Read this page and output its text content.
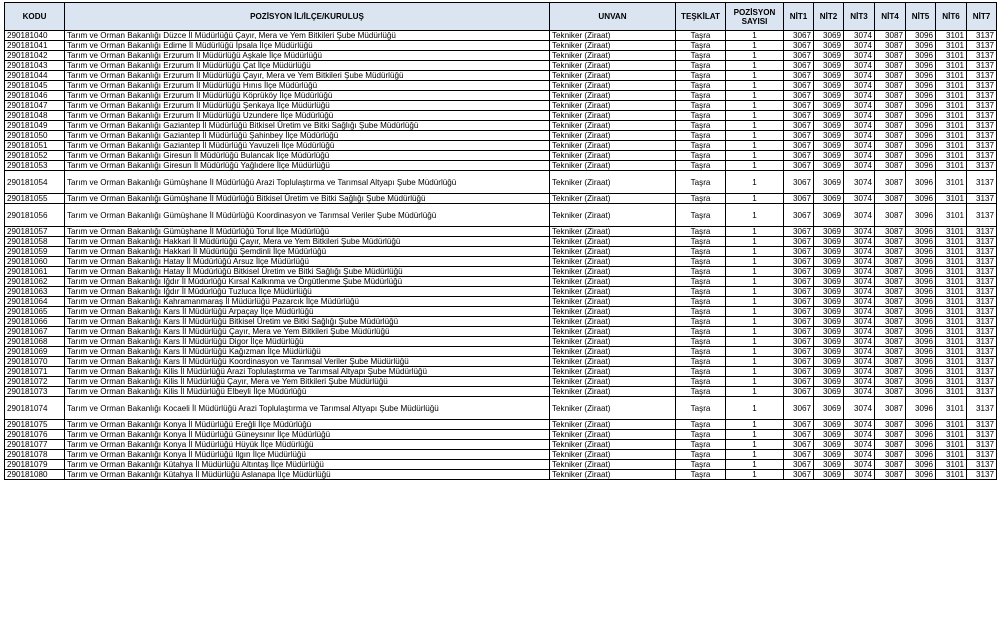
KODU	POZİSYON İL/İLÇE/KURULUŞ	UNVAN	TEŞKİLAT	POZİSYON
SAYISI	NİT1	NİT2	NİT3	NİT4	NİT5	NİT6	NİT7
290181040	Tarım ve Orman Bakanlığı Düzce İl Müdürlüğü Çayır, Mera ve Yem Bitkileri Şube Müdürlüğü	Tekniker (Ziraat)	Taşra	1	3067	3069	3074	3087	3096	3101	3137
290181041	Tarım ve Orman Bakanlığı Edirne İl Müdürlüğü İpsala İlçe Müdürlüğü	Tekniker (Ziraat)	Taşra	1	3067	3069	3074	3087	3096	3101	3137
290181042	Tarım ve Orman Bakanlığı Erzurum İl Müdürlüğü Aşkale İlçe Müdürlüğü	Tekniker (Ziraat)	Taşra	1	3067	3069	3074	3087	3096	3101	3137
290181043	Tarım ve Orman Bakanlığı Erzurum İl Müdürlüğü Çat İlçe Müdürlüğü	Tekniker (Ziraat)	Taşra	1	3067	3069	3074	3087	3096	3101	3137
290181044	Tarım ve Orman Bakanlığı Erzurum İl Müdürlüğü Çayır, Mera ve Yem Bitkileri Şube Müdürlüğü	Tekniker (Ziraat)	Taşra	1	3067	3069	3074	3087	3096	3101	3137
290181045	Tarım ve Orman Bakanlığı Erzurum İl Müdürlüğü Hınıs İlçe Müdürlüğü	Tekniker (Ziraat)	Taşra	1	3067	3069	3074	3087	3096	3101	3137
290181046	Tarım ve Orman Bakanlığı Erzurum İl Müdürlüğü Köprüköy İlçe Müdürlüğü	Tekniker (Ziraat)	Taşra	1	3067	3069	3074	3087	3096	3101	3137
290181047	Tarım ve Orman Bakanlığı Erzurum İl Müdürlüğü Şenkaya İlçe Müdürlüğü	Tekniker (Ziraat)	Taşra	1	3067	3069	3074	3087	3096	3101	3137
290181048	Tarım ve Orman Bakanlığı Erzurum İl Müdürlüğü Uzundere İlçe Müdürlüğü	Tekniker (Ziraat)	Taşra	1	3067	3069	3074	3087	3096	3101	3137
290181049	Tarım ve Orman Bakanlığı Gaziantep İl Müdürlüğü Bitkisel Üretim ve Bitki Sağlığı Şube Müdürlüğü	Tekniker (Ziraat)	Taşra	1	3067	3069	3074	3087	3096	3101	3137
290181050	Tarım ve Orman Bakanlığı Gaziantep İl Müdürlüğü Şahinbey İlçe Müdürlüğü	Tekniker (Ziraat)	Taşra	1	3067	3069	3074	3087	3096	3101	3137
290181051	Tarım ve Orman Bakanlığı Gaziantep İl Müdürlüğü Yavuzeli İlçe Müdürlüğü	Tekniker (Ziraat)	Taşra	1	3067	3069	3074	3087	3096	3101	3137
290181052	Tarım ve Orman Bakanlığı Giresun İl Müdürlüğü Bulancak İlçe Müdürlüğü	Tekniker (Ziraat)	Taşra	1	3067	3069	3074	3087	3096	3101	3137
290181053	Tarım ve Orman Bakanlığı Giresun İl Müdürlüğü Yağlıdere İlçe Müdürlüğü	Tekniker (Ziraat)	Taşra	1	3067	3069	3074	3087	3096	3101	3137
290181054	Tarım ve Orman Bakanlığı Gümüşhane İl Müdürlüğü Arazi Toplulaştırma ve Tarımsal Altyapı Şube Müdürlüğü	Tekniker (Ziraat)	Taşra	1	3067	3069	3074	3087	3096	3101	3137
290181055	Tarım ve Orman Bakanlığı Gümüşhane İl Müdürlüğü Bitkisel Üretim ve Bitki Sağlığı Şube Müdürlüğü	Tekniker (Ziraat)	Taşra	1	3067	3069	3074	3087	3096	3101	3137
290181056	Tarım ve Orman Bakanlığı Gümüşhane İl Müdürlüğü Koordinasyon ve Tarımsal Veriler Şube Müdürlüğü	Tekniker (Ziraat)	Taşra	1	3067	3069	3074	3087	3096	3101	3137
290181057	Tarım ve Orman Bakanlığı Gümüşhane İl Müdürlüğü Torul İlçe Müdürlüğü	Tekniker (Ziraat)	Taşra	1	3067	3069	3074	3087	3096	3101	3137
290181058	Tarım ve Orman Bakanlığı Hakkari İl Müdürlüğü Çayır, Mera ve Yem Bitkileri Şube Müdürlüğü	Tekniker (Ziraat)	Taşra	1	3067	3069	3074	3087	3096	3101	3137
290181059	Tarım ve Orman Bakanlığı Hakkari İl Müdürlüğü Şemdinli İlçe Müdürlüğü	Tekniker (Ziraat)	Taşra	1	3067	3069	3074	3087	3096	3101	3137
290181060	Tarım ve Orman Bakanlığı Hatay İl Müdürlüğü Arsuz İlçe Müdürlüğü	Tekniker (Ziraat)	Taşra	1	3067	3069	3074	3087	3096	3101	3137
290181061	Tarım ve Orman Bakanlığı Hatay İl Müdürlüğü Bitkisel Üretim ve Bitki Sağlığı Şube Müdürlüğü	Tekniker (Ziraat)	Taşra	1	3067	3069	3074	3087	3096	3101	3137
290181062	Tarım ve Orman Bakanlığı Iğdır İl Müdürlüğü Kırsal Kalkınma ve Örgütlenme Şube Müdürlüğü	Tekniker (Ziraat)	Taşra	1	3067	3069	3074	3087	3096	3101	3137
290181063	Tarım ve Orman Bakanlığı Iğdır İl Müdürlüğü Tuzluca İlçe Müdürlüğü	Tekniker (Ziraat)	Taşra	1	3067	3069	3074	3087	3096	3101	3137
290181064	Tarım ve Orman Bakanlığı Kahramanmaraş İl Müdürlüğü Pazarcık İlçe Müdürlüğü	Tekniker (Ziraat)	Taşra	1	3067	3069	3074	3087	3096	3101	3137
290181065	Tarım ve Orman Bakanlığı Kars İl Müdürlüğü Arpaçay İlçe Müdürlüğü	Tekniker (Ziraat)	Taşra	1	3067	3069	3074	3087	3096	3101	3137
290181066	Tarım ve Orman Bakanlığı Kars İl Müdürlüğü Bitkisel Üretim ve Bitki Sağlığı Şube Müdürlüğü	Tekniker (Ziraat)	Taşra	1	3067	3069	3074	3087	3096	3101	3137
290181067	Tarım ve Orman Bakanlığı Kars İl Müdürlüğü Çayır, Mera ve Yem Bitkileri Şube Müdürlüğü	Tekniker (Ziraat)	Taşra	1	3067	3069	3074	3087	3096	3101	3137
290181068	Tarım ve Orman Bakanlığı Kars İl Müdürlüğü Digor İlçe Müdürlüğü	Tekniker (Ziraat)	Taşra	1	3067	3069	3074	3087	3096	3101	3137
290181069	Tarım ve Orman Bakanlığı Kars İl Müdürlüğü Kağızman İlçe Müdürlüğü	Tekniker (Ziraat)	Taşra	1	3067	3069	3074	3087	3096	3101	3137
290181070	Tarım ve Orman Bakanlığı Kars İl Müdürlüğü Koordinasyon ve Tarımsal Veriler Şube Müdürlüğü	Tekniker (Ziraat)	Taşra	1	3067	3069	3074	3087	3096	3101	3137
290181071	Tarım ve Orman Bakanlığı Kilis İl Müdürlüğü Arazi Toplulaştırma ve Tarımsal Altyapı Şube Müdürlüğü	Tekniker (Ziraat)	Taşra	1	3067	3069	3074	3087	3096	3101	3137
290181072	Tarım ve Orman Bakanlığı Kilis İl Müdürlüğü Çayır, Mera ve Yem Bitkileri Şube Müdürlüğü	Tekniker (Ziraat)	Taşra	1	3067	3069	3074	3087	3096	3101	3137
290181073	Tarım ve Orman Bakanlığı Kilis İl Müdürlüğü Elbeyli İlçe Müdürlüğü	Tekniker (Ziraat)	Taşra	1	3067	3069	3074	3087	3096	3101	3137
290181074	Tarım ve Orman Bakanlığı Kocaeli İl Müdürlüğü Arazi Toplulaştırma ve Tarımsal Altyapı Şube Müdürlüğü	Tekniker (Ziraat)	Taşra	1	3067	3069	3074	3087	3096	3101	3137
290181075	Tarım ve Orman Bakanlığı Konya İl Müdürlüğü Ereğli İlçe Müdürlüğü	Tekniker (Ziraat)	Taşra	1	3067	3069	3074	3087	3096	3101	3137
290181076	Tarım ve Orman Bakanlığı Konya İl Müdürlüğü Güneysınır İlçe Müdürlüğü	Tekniker (Ziraat)	Taşra	1	3067	3069	3074	3087	3096	3101	3137
290181077	Tarım ve Orman Bakanlığı Konya İl Müdürlüğü Hüyük İlçe Müdürlüğü	Tekniker (Ziraat)	Taşra	1	3067	3069	3074	3087	3096	3101	3137
290181078	Tarım ve Orman Bakanlığı Konya İl Müdürlüğü Ilgın İlçe Müdürlüğü	Tekniker (Ziraat)	Taşra	1	3067	3069	3074	3087	3096	3101	3137
290181079	Tarım ve Orman Bakanlığı Kütahya İl Müdürlüğü Altıntaş İlçe Müdürlüğü	Tekniker (Ziraat)	Taşra	1	3067	3069	3074	3087	3096	3101	3137
290181080	Tarım ve Orman Bakanlığı Kütahya İl Müdürlüğü Aslanapa İlçe Müdürlüğü	Tekniker (Ziraat)	Taşra	1	3067	3069	3074	3087	3096	3101	3137
